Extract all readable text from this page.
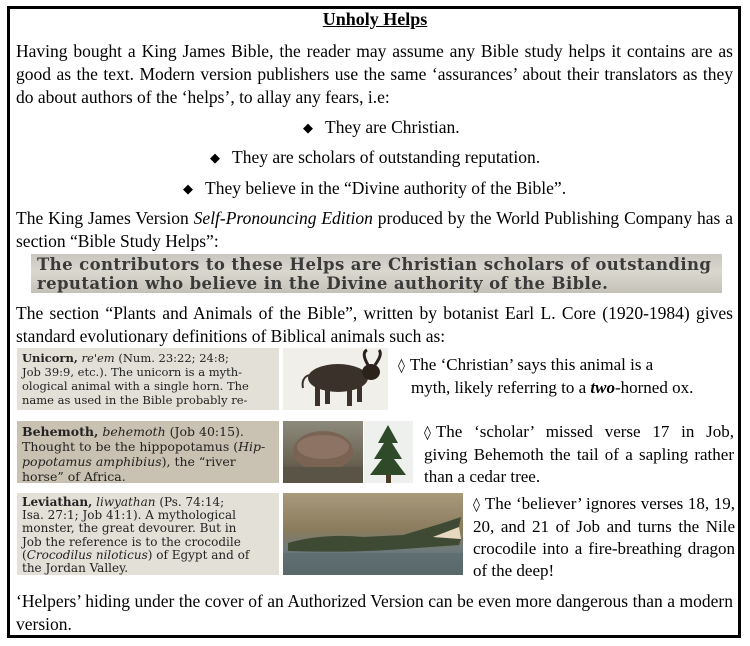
Unholy Helps
Having bought a King James Bible, the reader may assume any Bible study helps it contains are as good as the text. Modern version publishers use the same ‘assurances’ about their translators as they do about authors of the ‘helps’, to allay any fears, i.e:
◆ They are Christian.
◆ They are scholars of outstanding reputation.
◆ They believe in the “Divine authority of the Bible”.
The King James Version Self-Pronouncing Edition produced by the World Publishing Company has a section “Bible Study Helps”:
The contributors to these Helps are Christian scholars of outstanding
reputation who believe in the Divine authority of the Bible.
The section “Plants and Animals of the Bible”, written by botanist Earl L. Core (1920-1984) gives standard evolutionary definitions of Biblical animals such as:
Unicorn, re'em (Num. 23:22; 24:8;
Job 39:9, etc.). The unicorn is a myth-
ological animal with a single horn. The
name as used in the Bible probably re-
◊ The ‘Christian’ says this animal is a
myth, likely referring to a two-horned ox.
Behemoth, behemoth (Job 40:15).
Thought to be the hippopotamus (Hip-
popotamus amphibius), the “river
horse” of Africa.
◊ The ‘scholar’ missed verse 17 in Job, giving Behemoth the tail of a sapling rather than a cedar tree.
Leviathan, liwyathan (Ps. 74:14;
Isa. 27:1; Job 41:1). A mythological
monster, the great devourer. But in
Job the reference is to the crocodile
(Crocodilus niloticus) of Egypt and of
the Jordan Valley.
◊ The ‘believer’ ignores verses 18, 19, 20, and 21 of Job and turns the Nile crocodile into a fire-breathing dragon of the deep!
‘Helpers’ hiding under the cover of an Authorized Version can be even more dangerous than a modern version.
